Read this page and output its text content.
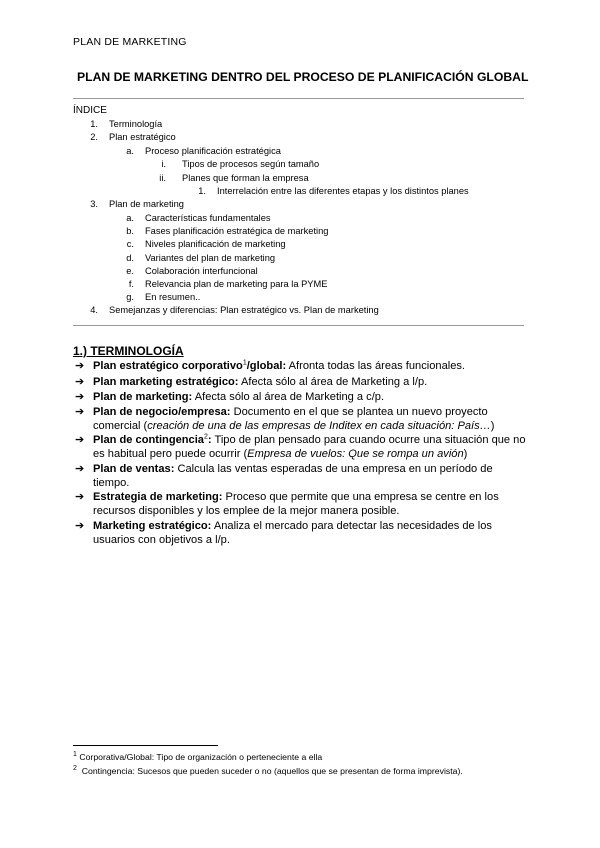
PLAN DE MARKETING
PLAN DE MARKETING DENTRO DEL PROCESO DE PLANIFICACIÓN GLOBAL
ÍNDICE
1. Terminología
2. Plan estratégico
a. Proceso planificación estratégica
i. Tipos de procesos según tamaño
ii. Planes que forman la empresa
1. Interrelación entre las diferentes etapas y los distintos planes
3. Plan de marketing
a. Características fundamentales
b. Fases planificación estratégica de marketing
c. Niveles planificación de marketing
d. Variantes del plan de marketing
e. Colaboración interfuncional
f. Relevancia plan de marketing para la PYME
g. En resumen..
4. Semejanzas y diferencias: Plan estratégico vs. Plan de marketing
1.) TERMINOLOGÍA
➔ Plan estratégico corporativo$^1$/global: Afronta todas las áreas funcionales.
➔ Plan marketing estratégico: Afecta sólo al área de Marketing a l/p.
➔ Plan de marketing: Afecta sólo al área de Marketing a c/p.
➔ Plan de negocio/empresa: Documento en el que se plantea un nuevo proyecto comercial (creación de una de las empresas de Inditex en cada situación: País…)
➔ Plan de contingencia$^2$: Tipo de plan pensado para cuando ocurre una situación que no es habitual pero puede ocurrir (Empresa de vuelos: Que se rompa un avión)
➔ Plan de ventas: Calcula las ventas esperadas de una empresa en un período de tiempo.
➔ Estrategia de marketing: Proceso que permite que una empresa se centre en los recursos disponibles y los emplee de la mejor manera posible.
➔ Marketing estratégico: Analiza el mercado para detectar las necesidades de los usuarios con objetivos a l/p.
$^1$ Corporativa/Global: Tipo de organización o perteneciente a ella
$^2$ Contingencia: Sucesos que pueden suceder o no (aquellos que se presentan de forma imprevista).
